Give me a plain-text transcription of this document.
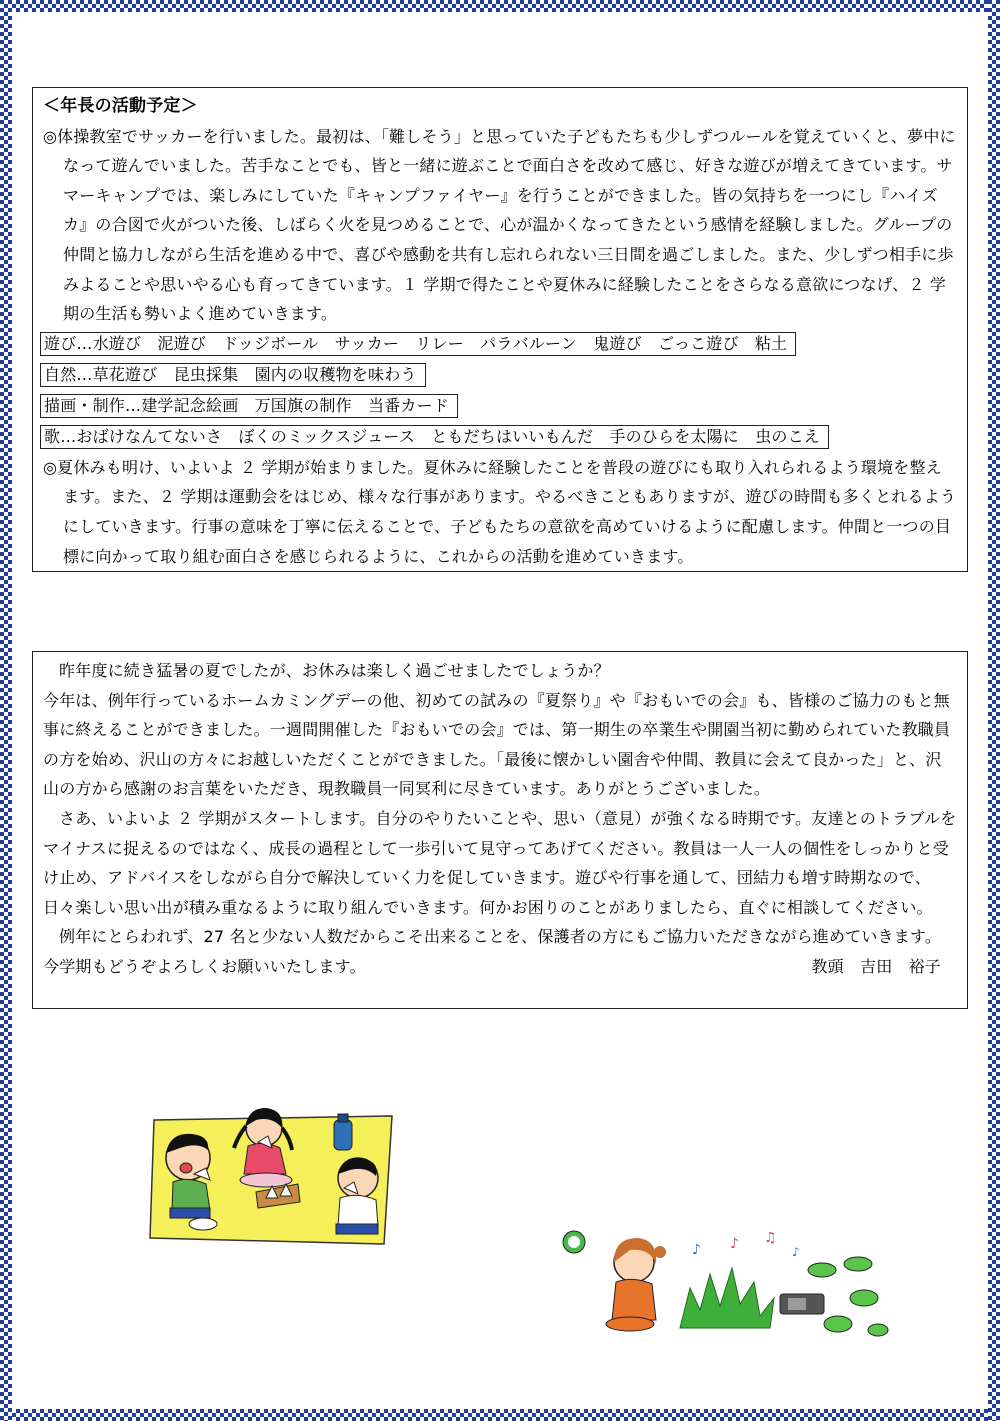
＜年長の活動予定＞
◎体操教室でサッカーを行いました。最初は、「難しそう」と思っていた子どもたちも少しずつルールを覚えていくと、夢中になって遊んでいました。苦手なことでも、皆と一緒に遊ぶことで面白さを改めて感じ、好きな遊びが増えてきています。サマーキャンプでは、楽しみにしていた『キャンプファイヤー』を行うことができました。皆の気持ちを一つにし『ハイズカ』の合図で火がついた後、しばらく火を見つめることで、心が温かくなってきたという感情を経験しました。グループの仲間と協力しながら生活を進める中で、喜びや感動を共有し忘れられない三日間を過ごしました。また、少しずつ相手に歩みよることや思いやる心も育ってきています。１ 学期で得たことや夏休みに経験したことをさらなる意欲につなげ、２ 学期の生活も勢いよく進めていきます。
遊び…水遊び　泥遊び　ドッジボール　サッカー　リレー　パラバルーン　鬼遊び　ごっこ遊び　粘土
自然…草花遊び　昆虫採集　園内の収穫物を味わう
描画・制作…建学記念絵画　万国旗の制作　当番カード
歌…おばけなんてないさ　ぼくのミックスジュース　ともだちはいいもんだ　手のひらを太陽に　虫のこえ
◎夏休みも明け、いよいよ ２ 学期が始まりました。夏休みに経験したことを普段の遊びにも取り入れられるよう環境を整えます。また、２ 学期は運動会をはじめ、様々な行事があります。やるべきこともありますが、遊びの時間も多くとれるようにしていきます。行事の意味を丁寧に伝えることで、子どもたちの意欲を高めていけるように配慮します。仲間と一つの目標に向かって取り組む面白さを感じられるように、これからの活動を進めていきます。
昨年度に続き猛暑の夏でしたが、お休みは楽しく過ごせましたでしょうか？
今年は、例年行っているホームカミングデーの他、初めての試みの『夏祭り』や『おもいでの会』も、皆様のご協力のもと無事に終えることができました。一週間開催した『おもいでの会』では、第一期生の卒業生や開園当初に勤められていた教職員の方を始め、沢山の方々にお越しいただくことができました。「最後に懐かしい園舎や仲間、教員に会えて良かった」と、沢山の方から感謝のお言葉をいただき、現教職員一同冥利に尽きています。ありがとうございました。
さあ、いよいよ ２ 学期がスタートします。自分のやりたいことや、思い（意見）が強くなる時期です。友達とのトラブルをマイナスに捉えるのではなく、成長の過程として一歩引いて見守ってあげてください。教員は一人一人の個性をしっかりと受け止め、アドバイスをしながら自分で解決していく力を促していきます。遊びや行事を通して、団結力も増す時期なので、日々楽しい思い出が積み重なるように取り組んでいきます。何かお困りのことがありましたら、直ぐに相談してください。
例年にとらわれず、27 名と少ない人数だからこそ出来ることを、保護者の方にもご協力いただきながら進めていきます。今学期もどうぞよろしくお願いいたします。	教頭　吉田　裕子
♪ ♪ ♫
♪
